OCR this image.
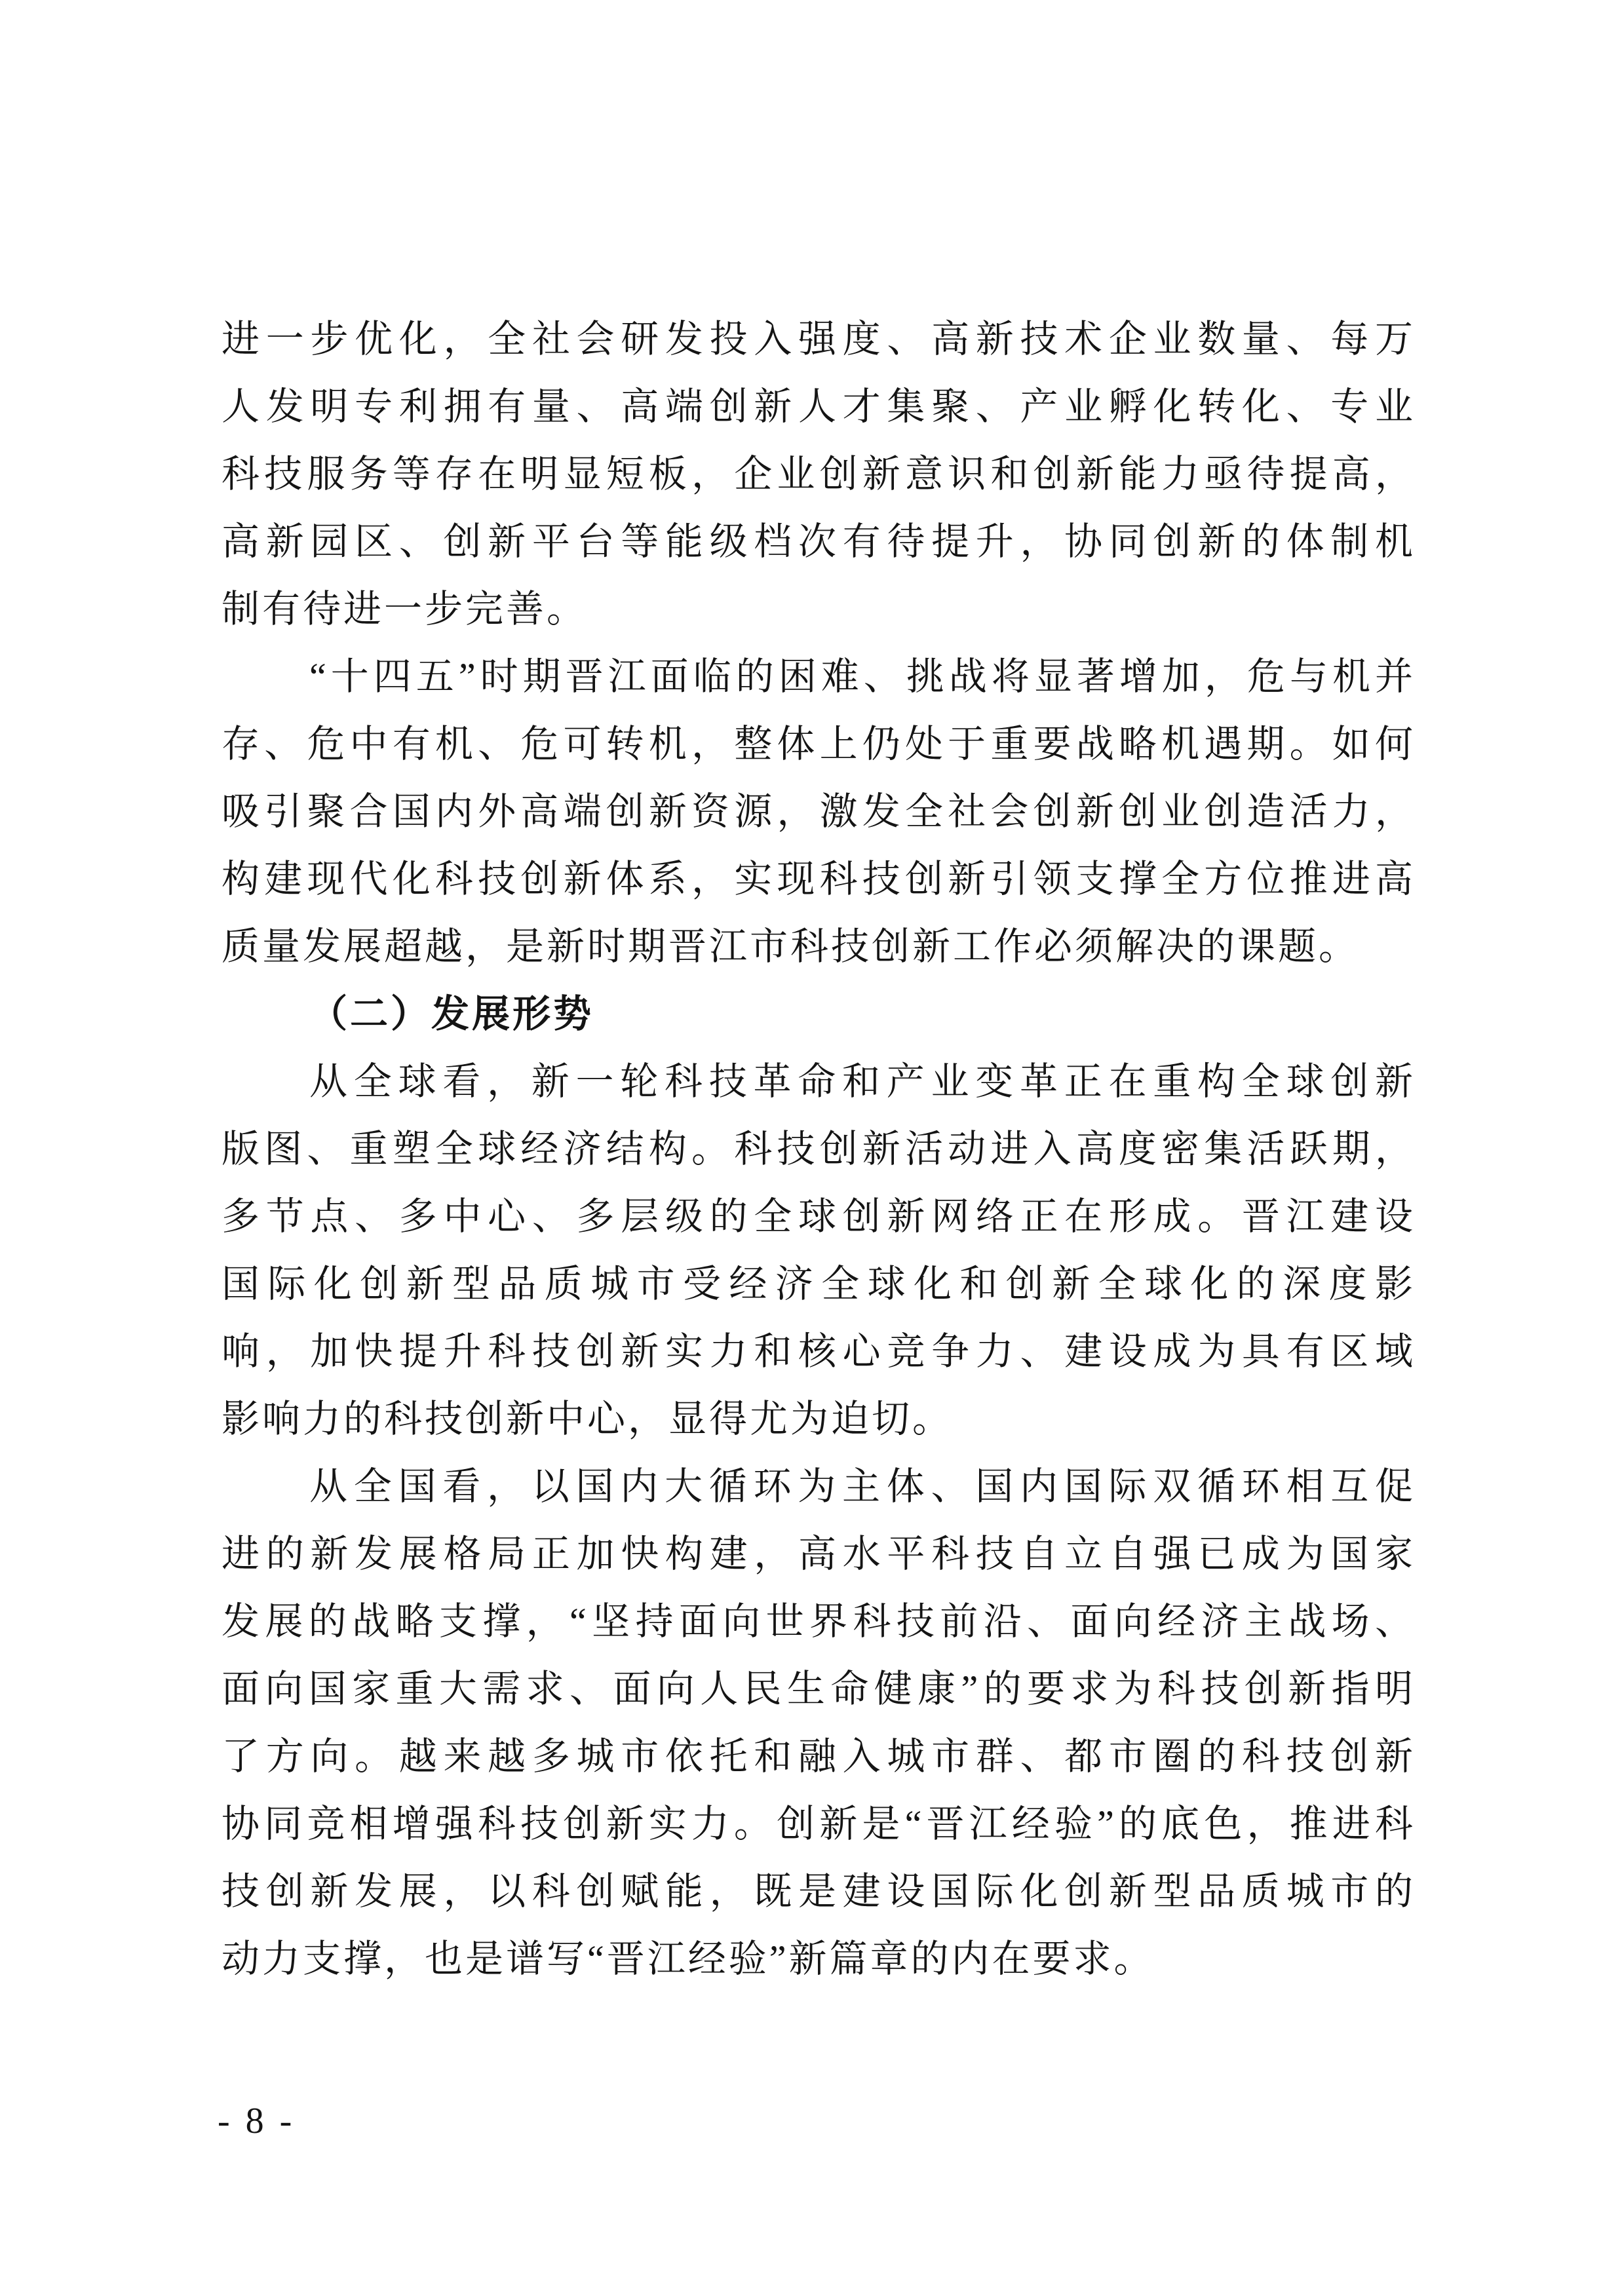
进一步优化，全社会研发投入强度、高新技术企业数量、每万
人发明专利拥有量、高端创新人才集聚、产业孵化转化、专业
科技服务等存在明显短板，企业创新意识和创新能力亟待提高，
高新园区、创新平台等能级档次有待提升，协同创新的体制机
制有待进一步完善。
“十四五”时期晋江面临的困难、挑战将显著增加，危与机并
存、危中有机、危可转机，整体上仍处于重要战略机遇期。如何
吸引聚合国内外高端创新资源，激发全社会创新创业创造活力，
构建现代化科技创新体系，实现科技创新引领支撑全方位推进高
质量发展超越，是新时期晋江市科技创新工作必须解决的课题。
（二）发展形势
从全球看，新一轮科技革命和产业变革正在重构全球创新
版图、重塑全球经济结构。科技创新活动进入高度密集活跃期，
多节点、多中心、多层级的全球创新网络正在形成。晋江建设
国际化创新型品质城市受经济全球化和创新全球化的深度影
响，加快提升科技创新实力和核心竞争力、建设成为具有区域
影响力的科技创新中心，显得尤为迫切。
从全国看，以国内大循环为主体、国内国际双循环相互促
进的新发展格局正加快构建，高水平科技自立自强已成为国家
发展的战略支撑，“坚持面向世界科技前沿、面向经济主战场、
面向国家重大需求、面向人民生命健康”的要求为科技创新指明
了方向。越来越多城市依托和融入城市群、都市圈的科技创新
协同竞相增强科技创新实力。创新是“晋江经验”的底色，推进科
技创新发展，以科创赋能，既是建设国际化创新型品质城市的
动力支撑，也是谱写“晋江经验”新篇章的内在要求。
- 8 -
